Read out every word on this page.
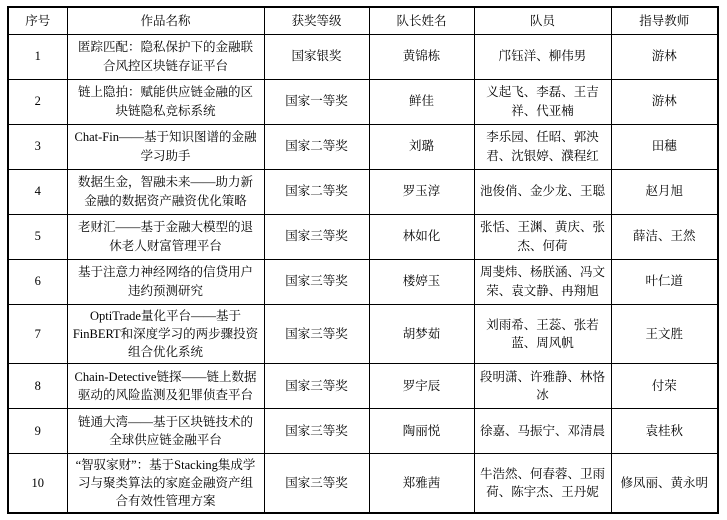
序号	作品名称	获奖等级	队长姓名	队员	指导教师
1	匿踪匹配：隐私保护下的金融联合风控区块链存证平台	国家银奖	黄锦栋	邝钰洋、柳伟男	游林
2	链上隐拍：赋能供应链金融的区块链隐私竞标系统	国家一等奖	鲜佳	义起飞、李磊、王吉祥、代亚楠	游林
3	Chat-Fin——基于知识图谱的金融学习助手	国家二等奖	刘璐	李乐园、任昭、郭泱君、沈银婷、濮程红	田穗
4	数据生金，智融未来——助力新金融的数据资产融资优化策略	国家二等奖	罗玉淳	池俊俏、金少龙、王聪	赵月旭
5	老财汇——基于金融大模型的退休老人财富管理平台	国家三等奖	林如化	张恬、王渊、黄庆、张杰、何荷	薛洁、王然
6	基于注意力神经网络的信贷用户违约预测研究	国家三等奖	楼婷玉	周斐炜、杨朕涵、冯文荣、袁文静、冉翔旭	叶仁道
7	OptiTrade量化平台——基于FinBERT和深度学习的两步骤投资组合优化系统	国家三等奖	胡梦茹	刘雨希、王蕊、张若蓝、周风帆	王文胜
8	Chain-Detective链探——链上数据驱动的风险监测及犯罪侦查平台	国家三等奖	罗宇辰	段明潇、许雅静、林恪冰	付荣
9	链通大湾——基于区块链技术的全球供应链金融平台	国家三等奖	陶丽悦	徐嘉、马振宁、邓清晨	袁桂秋
10	“智驭家财”：基于Stacking集成学习与聚类算法的家庭金融资产组合有效性管理方案	国家三等奖	郑雅茜	牛浩然、何春蓉、卫雨荷、陈宇杰、王丹妮	修凤丽、黄永明
